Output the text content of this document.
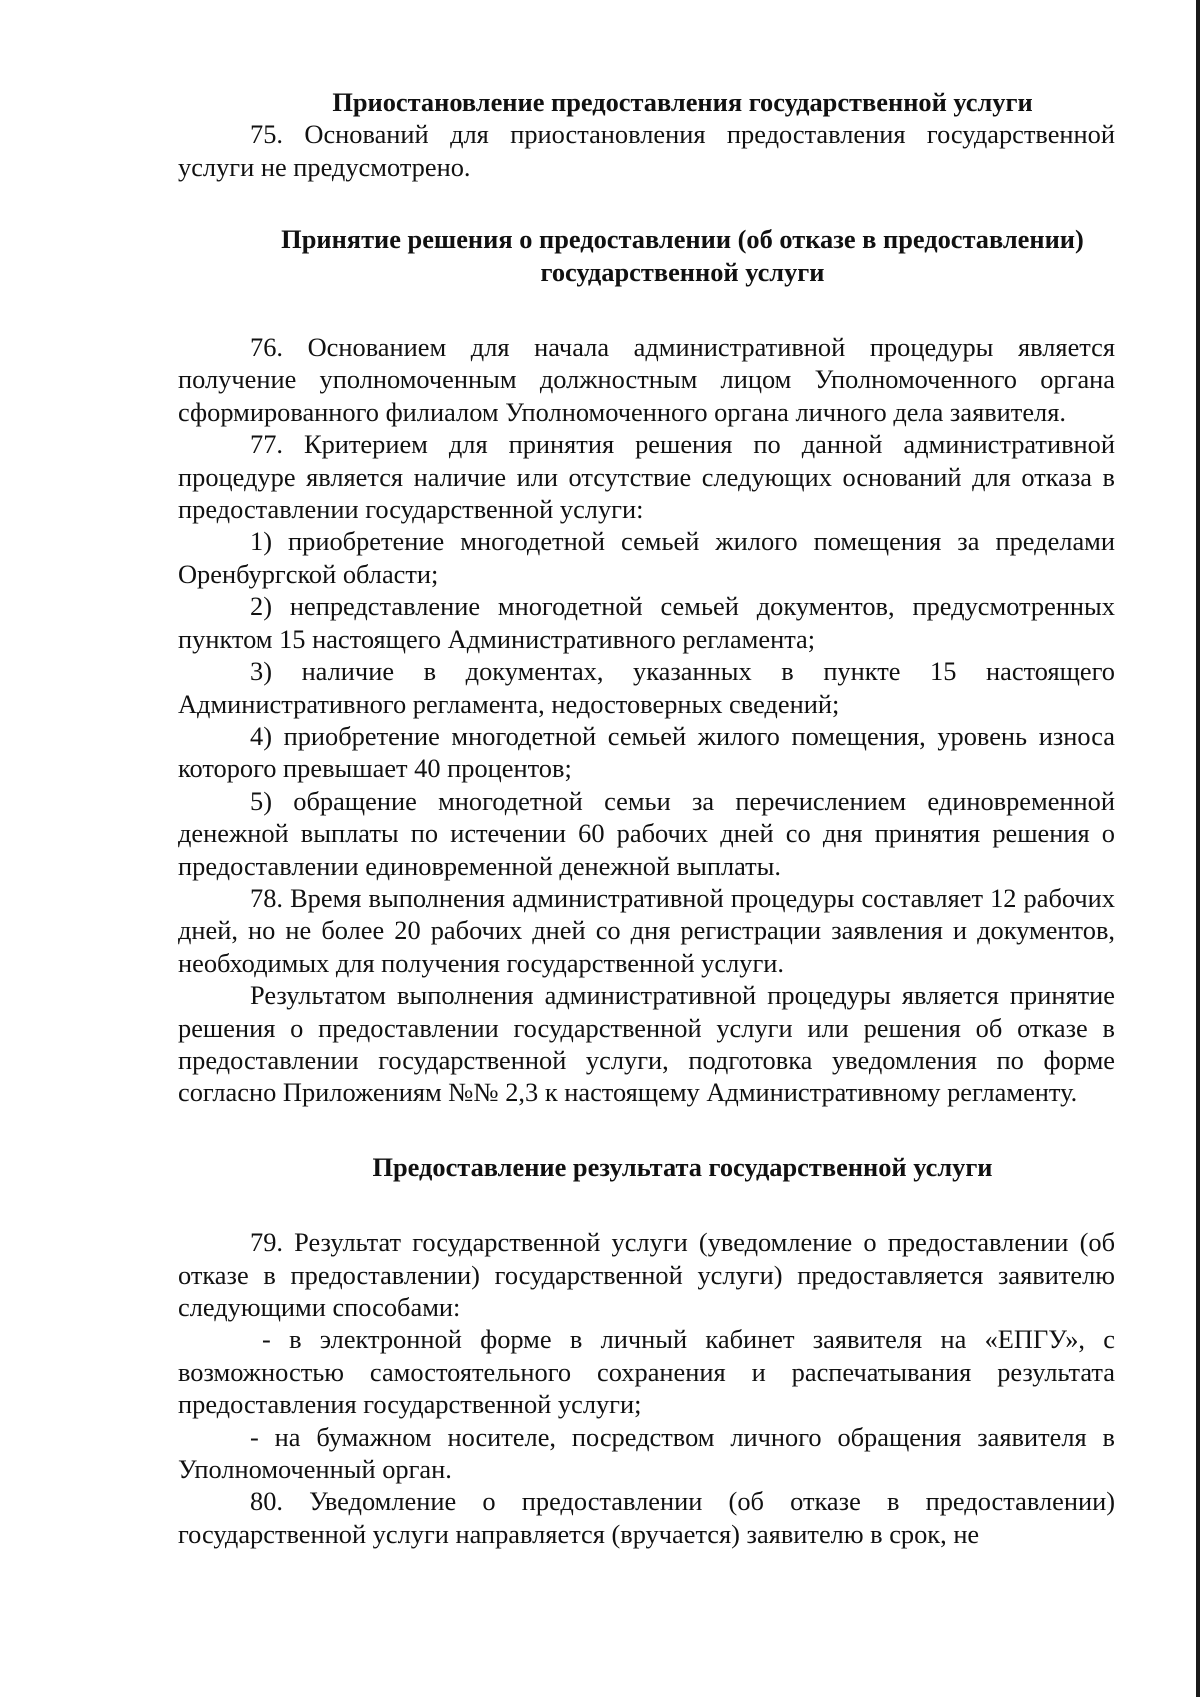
Приостановление предоставления государственной услуги

75. Оснований для приостановления предоставления государственной услуги не предусмотрено.

Принятие решения о предоставлении (об отказе в предоставлении) государственной услуги

76. Основанием для начала административной процедуры является получение уполномоченным должностным лицом Уполномоченного органа сформированного филиалом Уполномоченного органа личного дела заявителя.

77. Критерием для принятия решения по данной административной процедуре является наличие или отсутствие следующих оснований для отказа в предоставлении государственной услуги:

1) приобретение многодетной семьей жилого помещения за пределами Оренбургской области;

2) непредставление многодетной семьей документов, предусмотренных пунктом 15 настоящего Административного регламента;

3) наличие в документах, указанных в пункте 15 настоящего Административного регламента, недостоверных сведений;

4) приобретение многодетной семьей жилого помещения, уровень износа которого превышает 40 процентов;

5) обращение многодетной семьи за перечислением единовременной денежной выплаты по истечении 60 рабочих дней со дня принятия решения о предоставлении единовременной денежной выплаты.

78. Время выполнения административной процедуры составляет 12 рабочих дней, но не более 20 рабочих дней со дня регистрации заявления и документов, необходимых для получения государственной услуги.

Результатом выполнения административной процедуры является принятие решения о предоставлении государственной услуги или решения об отказе в предоставлении государственной услуги, подготовка уведомления по форме согласно Приложениям №№ 2,3 к настоящему Административному регламенту.

Предоставление результата государственной услуги

79. Результат государственной услуги (уведомление о предоставлении (об отказе в предоставлении) государственной услуги) предоставляется заявителю следующими способами:

- в электронной форме в личный кабинет заявителя на «ЕПГУ», с возможностью самостоятельного сохранения и распечатывания результата предоставления государственной услуги;

- на бумажном носителе, посредством личного обращения заявителя в Уполномоченный орган.

80. Уведомление о предоставлении (об отказе в предоставлении) государственной услуги направляется (вручается) заявителю в срок, не
